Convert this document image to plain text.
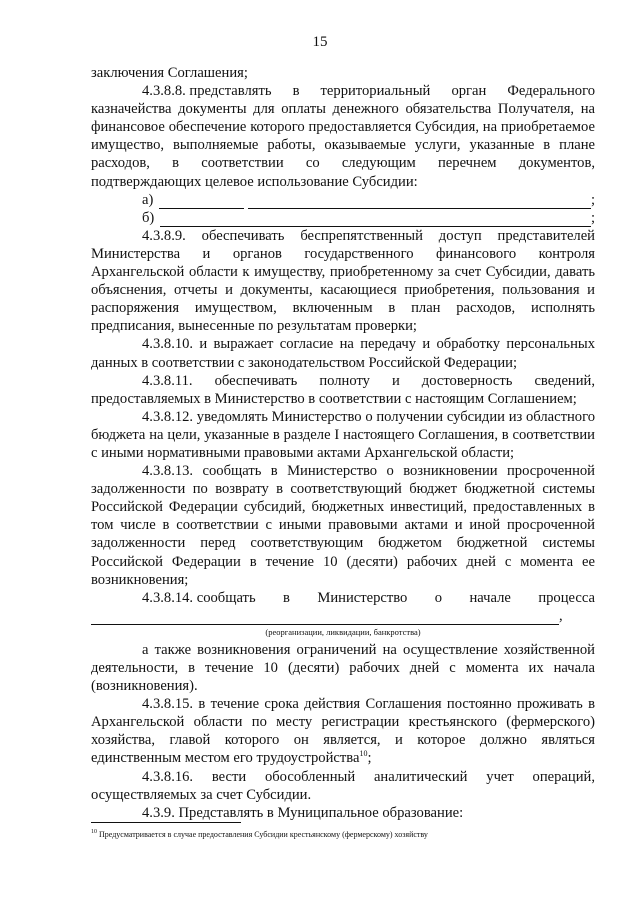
15
заключения Соглашения;
4.3.8.8. представлять в территориальный орган Федерального

казначейства документы для оплаты денежного обязательства Получателя, на финансовое обеспечение которого предоставляется Субсидия, на приобретаемое имущество, выполняемые работы, оказываемые услуги, указанные в плане расходов, в соответствии со следующим перечнем документов, подтверждающих целевое использование Субсидии:

а)	;
б)	;

4.3.8.9. обеспечивать беспрепятственный доступ представителей Министерства и органов государственного финансового контроля Архангельской области к имуществу, приобретенному за счет Субсидии, давать объяснения, отчеты и документы, касающиеся приобретения, пользования и распоряжения имуществом, включенным в план расходов, исполнять предписания, вынесенные по результатам проверки;

4.3.8.10. и выражает согласие на передачу и обработку персональных данных в соответствии с законодательством Российской Федерации;

4.3.8.11. обеспечивать полноту и достоверность сведений, предоставляемых в Министерство в соответствии с настоящим Соглашением;

4.3.8.12. уведомлять Министерство о получении субсидии из областного бюджета на цели, указанные в разделе I настоящего Соглашения, в соответствии с иными нормативными правовыми актами Архангельской области;

4.3.8.13. сообщать в Министерство о возникновении просроченной задолженности по возврату в соответствующий бюджет бюджетной системы Российской Федерации субсидий, бюджетных инвестиций, предоставленных в том числе в соответствии с иными правовыми актами и иной просроченной задолженности перед соответствующим бюджетом бюджетной системы Российской Федерации в течение 10 (десяти) рабочих дней с момента ее возникновения;

4.3.8.14. сообщать в Министерство о начале процесса
,
(реорганизации, ликвидации, банкротства)

а также возникновения ограничений на осуществление хозяйственной деятельности, в течение 10 (десяти) рабочих дней с момента их начала (возникновения).

4.3.8.15. в течение срока действия Соглашения постоянно проживать в Архангельской области по месту регистрации крестьянского (фермерского) хозяйства, главой которого он является, и которое должно являться единственным местом его трудоустройства$^{10}$;

4.3.8.16. вести обособленный аналитический учет операций, осуществляемых за счет Субсидии.

4.3.9. Представлять в Муниципальное образование:

$^{10}$ Предусматривается в случае предоставления Субсидии крестьянскому (фермерскому) хозяйству
